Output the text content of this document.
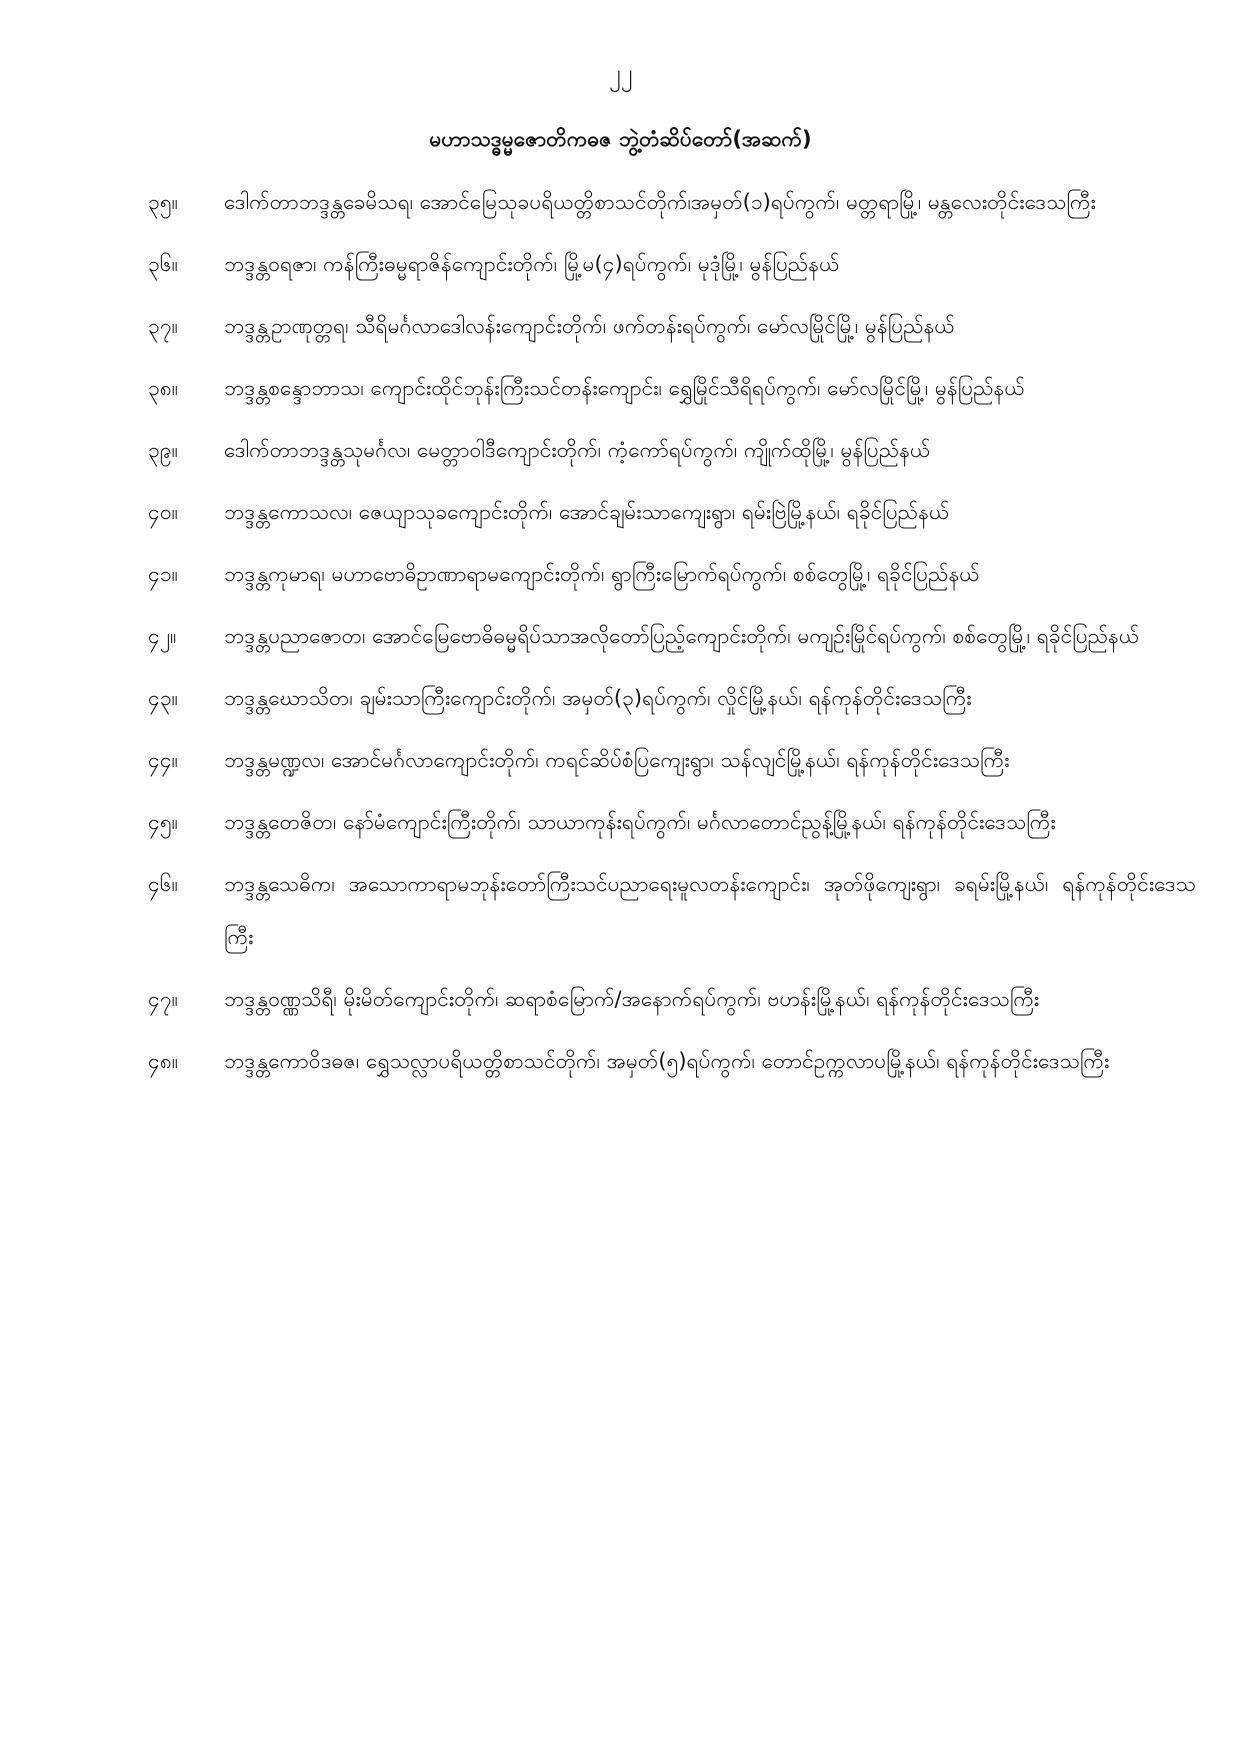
၂၂
မဟာသဒ္ဓမ္မဇောတိကဓဇ ဘွဲ့တံဆိပ်တော်(အဆက်)
၃၅။	ဒေါက်တာဘဒ္ဒန္တခေမိသရ၊ အောင်မြေသုခပရိယတ္တိစာသင်တိုက်၊အမှတ်(၁)ရပ်ကွက်၊ မတ္တရာမြို့၊ မန္တလေးတိုင်းဒေသကြီး
၃၆။	ဘဒ္ဒန္တဝရဇာ၊ ကန်ကြီးဓမ္မရာဇိန်ကျောင်းတိုက်၊ မြို့မ(၄)ရပ်ကွက်၊ မုဒုံမြို့၊ မွန်ပြည်နယ်
၃၇။	ဘဒ္ဒန္တဥာဏုတ္တရ၊ သီရိမင်္ဂလာဒေါလန်းကျောင်းတိုက်၊ ဖက်တန်းရပ်ကွက်၊ မော်လမြိုင်မြို့၊ မွန်ပြည်နယ်
၃၈။	ဘဒ္ဒန္တစန္ဒောဘာသ၊ ကျောင်းထိုင်ဘုန်းကြီးသင်တန်းကျောင်း၊ ရွှေမြိုင်သီရိရပ်ကွက်၊ မော်လမြိုင်မြို့၊ မွန်ပြည်နယ်
၃၉။	ဒေါက်တာဘဒ္ဒန္တသုမင်္ဂလ၊ မေတ္တာဝါဒီကျောင်းတိုက်၊ ကံ့ကော်ရပ်ကွက်၊ ကျိုက်ထိုမြို့၊ မွန်ပြည်နယ်
၄၀။	ဘဒ္ဒန္တကောသလ၊ ဇေယျာသုခကျောင်းတိုက်၊ အောင်ချမ်းသာကျေးရွာ၊ ရမ်းဗြဲမြို့နယ်၊ ရခိုင်ပြည်နယ်
၄၁။	ဘဒ္ဒန္တကုမာရ၊ မဟာဗောဓိဥာဏာရာမကျောင်းတိုက်၊ ရွာကြီးမြောက်ရပ်ကွက်၊ စစ်တွေမြို့၊ ရခိုင်ပြည်နယ်
၄၂။	ဘဒ္ဒန္တပညာဇောတ၊ အောင်မြေဗောဓိဓမ္မရိပ်သာအလိုတော်ပြည့်ကျောင်းတိုက်၊ မကျဉ်းမြိုင်ရပ်ကွက်၊ စစ်တွေမြို့၊ ရခိုင်ပြည်နယ်
၄၃။	ဘဒ္ဒန္တဃောသိတ၊ ချမ်းသာကြီးကျောင်းတိုက်၊ အမှတ်(၃)ရပ်ကွက်၊ လှိုင်မြို့နယ်၊ ရန်ကုန်တိုင်းဒေသကြီး
၄၄။	ဘဒ္ဒန္တမဏ္ဍလ၊ အောင်မင်္ဂလာကျောင်းတိုက်၊ ကရင်ဆိပ်စံပြကျေးရွာ၊ သန်လျင်မြို့နယ်၊ ရန်ကုန်တိုင်းဒေသကြီး
၄၅။	ဘဒ္ဒန္တတေဇိတ၊ နော်မံကျောင်းကြီးတိုက်၊ သာယာကုန်းရပ်ကွက်၊ မင်္ဂလာတောင်ညွန့်မြို့နယ်၊ ရန်ကုန်တိုင်းဒေသကြီး
၄၆။	ဘဒ္ဒန္တသေဓိက၊ အသောကာရာမဘုန်းတော်ကြီးသင်ပညာရေးမူလတန်းကျောင်း၊ အုတ်ဖိုကျေးရွာ၊ ခရမ်းမြို့နယ်၊ ရန်ကုန်တိုင်းဒေသကြီး
၄၇။	ဘဒ္ဒန္တဝဏ္ဏသိရီ၊ မိုးမိတ်ကျောင်းတိုက်၊ ဆရာစံမြောက်/အနောက်ရပ်ကွက်၊ ဗဟန်းမြို့နယ်၊ ရန်ကုန်တိုင်းဒေသကြီး
၄၈။	ဘဒ္ဒန္တကောဝိဒဓဇ၊ ရွှေသလ္လာပရိယတ္တိစာသင်တိုက်၊ အမှတ်(၅)ရပ်ကွက်၊ တောင်ဥက္ကလာပမြို့နယ်၊ ရန်ကုန်တိုင်းဒေသကြီး
